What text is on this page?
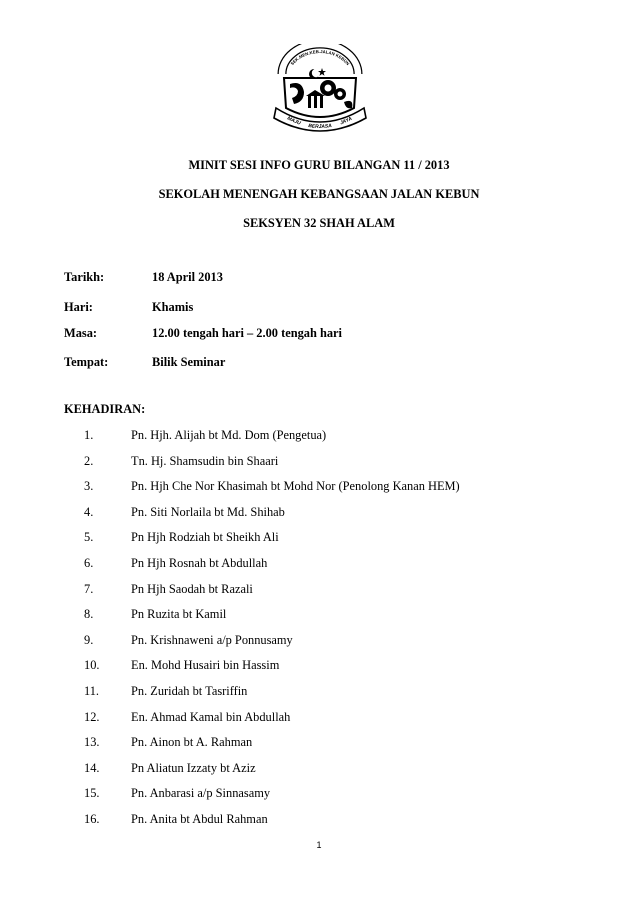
SEK.MEN.KEB.JALAN KEBUN
MAJU BERJASA JAYA
MINIT SESI INFO GURU BILANGAN 11 / 2013
SEKOLAH MENENGAH KEBANGSAAN JALAN KEBUN
SEKSYEN 32 SHAH ALAM
Tarikh:	18 April 2013
Hari:	Khamis
Masa:	12.00 tengah hari – 2.00 tengah hari
Tempat:	Bilik Seminar
KEHADIRAN:
1.	Pn. Hjh. Alijah bt Md. Dom (Pengetua)
2.	Tn. Hj. Shamsudin bin Shaari
3.	Pn. Hjh Che Nor Khasimah bt Mohd Nor (Penolong Kanan HEM)
4.	Pn. Siti Norlaila bt Md. Shihab
5.	Pn Hjh Rodziah bt Sheikh Ali
6.	Pn Hjh Rosnah bt Abdullah
7.	Pn Hjh Saodah bt Razali
8.	Pn Ruzita bt Kamil
9.	Pn. Krishnaweni a/p Ponnusamy
10.	En. Mohd Husairi bin Hassim
11.	Pn. Zuridah bt Tasriffin
12.	En. Ahmad Kamal bin Abdullah
13.	Pn. Ainon bt A. Rahman
14.	Pn Aliatun Izzaty bt Aziz
15.	Pn. Anbarasi a/p Sinnasamy
16.	Pn. Anita bt Abdul Rahman
1
